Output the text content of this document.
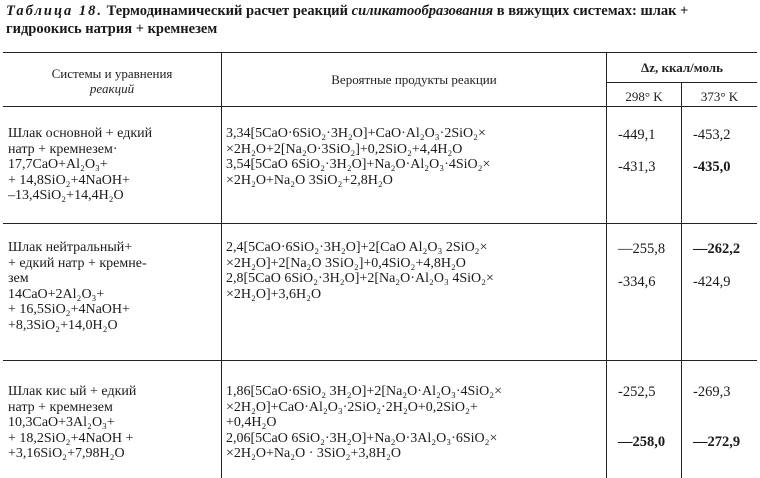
Таблица 18. Термодинамический расчет реакций силикатообразования в вяжущих системах: шлак + гидроокись натрия + кремнезем
Системы и уравнения
реакций
Вероятные продукты реакции
Δz, ккал/моль
298° K	373° K
Шлак основной + едкий
натр + кремнезем·
17,7CaO+Al₂O₃+
+ 14,8SiO₂+4NaOH+
–13,4SiO₂+14,4H₂O
3,34[5CaO·6SiO₂·3H₂O]+CaO·Al₂O₃·2SiO₂×
×2H₂O+2[Na₂O·3SiO₂]+0,2SiO₂+4,4H₂O
3,54[5CaO 6SiO₂·3H₂O]+Na₂O·Al₂O₃·4SiO₂×
×2H₂O+Na₂O 3SiO₂+2,8H₂O
-449,1
-431,3
-453,2
-435,0
Шлак нейтральный+
+ едкий натр + кремне-
зем
14CaO+2Al₂O₃+
+ 16,5SiO₂+4NaOH+
+8,3SiO₂+14,0H₂O
2,4[5CaO·6SiO₂·3H₂O]+2[CaO Al₂O₃ 2SiO₂×
×2H₂O]+2[Na₂O 3SiO₂]+0,4SiO₂+4,8H₂O
2,8[5CaO 6SiO₂·3H₂O]+2[Na₂O·Al₂O₃ 4SiO₂×
×2H₂O]+3,6H₂O
—255,8
-334,6
—262,2
-424,9
Шлак кис ый + едкий
натр + кремнезем
10,3CaO+3Al₂O₃+
+ 18,2SiO₂+4NaOH +
+3,16SiO₂+7,98H₂O
1,86[5CaO·6SiO₂ 3H₂O]+2[Na₂O·Al₂O₃·4SiO₂×
×2H₂O]+CaO·Al₂O₃·2SiO₂·2H₂O+0,2SiO₂+
+0,4H₂O
2,06[5CaO 6SiO₂·3H₂O]+Na₂O·3Al₂O₃·6SiO₂×
×2H₂O+Na₂O · 3SiO₂+3,8H₂O
-252,5
—258,0
-269,3
—272,9
